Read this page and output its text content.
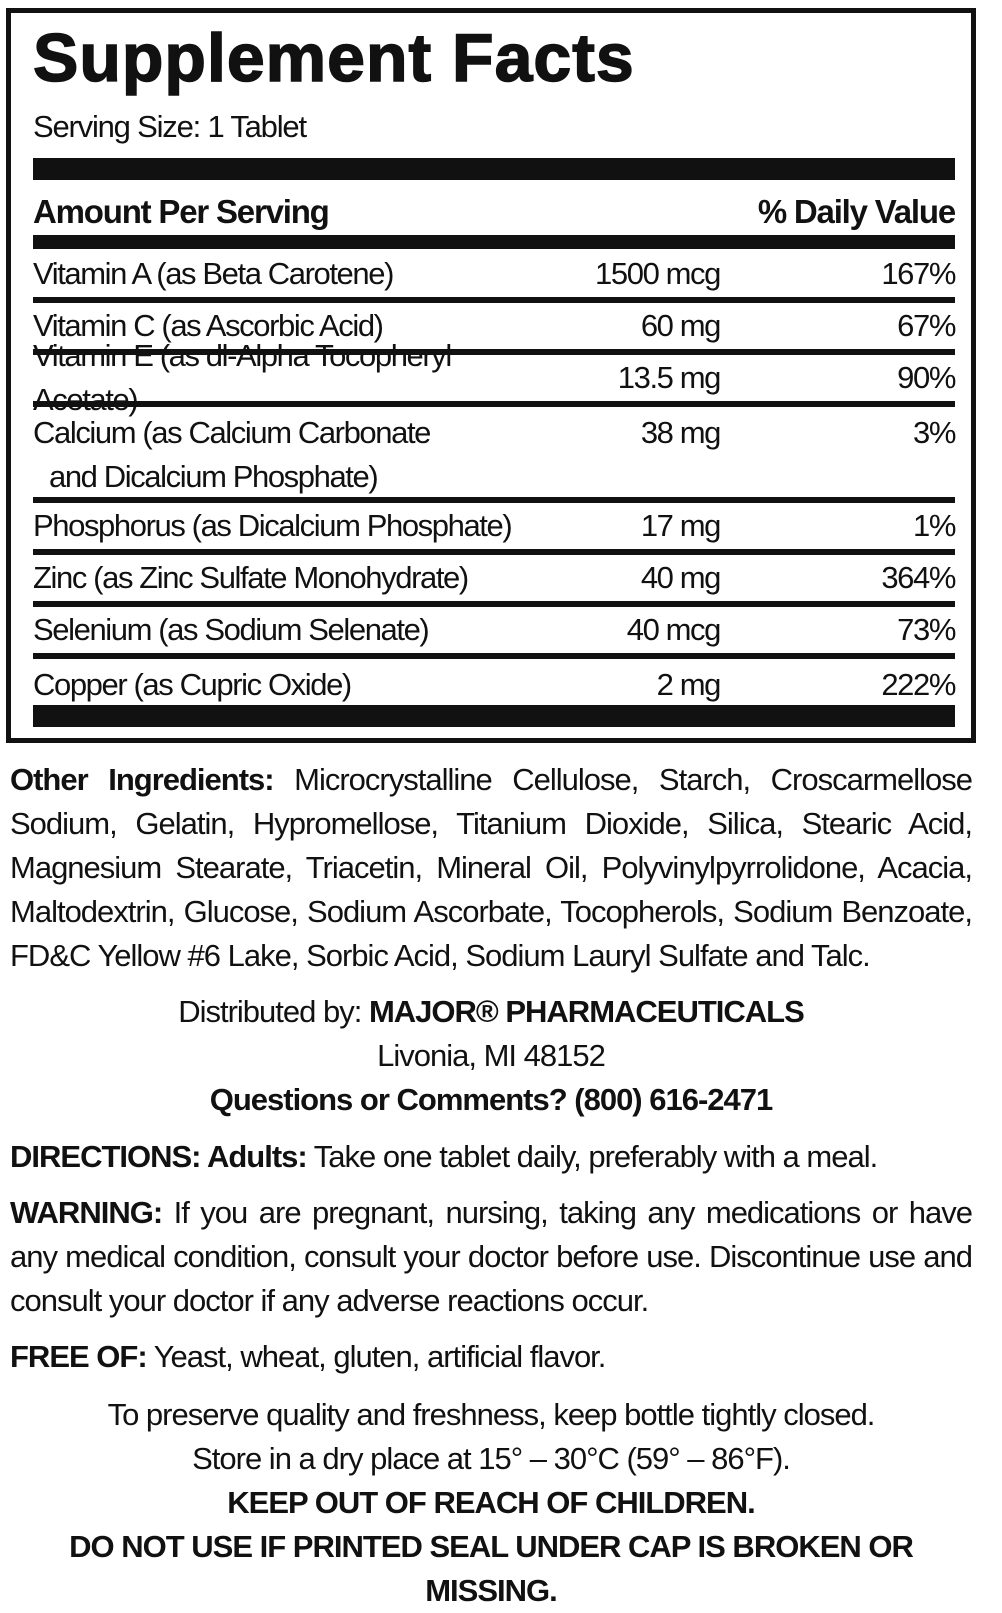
Supplement Facts
Serving Size: 1 Tablet
Amount Per Serving	% Daily Value
Vitamin A (as Beta Carotene)	1500 mcg	167%
Vitamin C (as Ascorbic Acid)	60 mg	67%
Vitamin E (as dl-Alpha Tocopheryl Acetate)
13.5 mg	90%
Calcium (as Calcium Carbonate
and Dicalcium Phosphate)
38 mg	3%
Phosphorus (as Dicalcium Phosphate)	17 mg	1%
Zinc (as Zinc Sulfate Monohydrate)	40 mg	364%
Selenium (as Sodium Selenate)	40 mcg	73%
Copper (as Cupric Oxide)	2 mg	222%
Other Ingredients: Microcrystalline Cellulose, Starch, Croscarmellose Sodium, Gelatin, Hypromellose, Titanium Dioxide, Silica, Stearic Acid, Magnesium Stearate, Triacetin, Mineral Oil, Polyvinylpyrrolidone, Acacia, Maltodextrin, Glucose, Sodium Ascorbate, Tocopherols, Sodium Benzoate, FD&C Yellow #6 Lake, Sorbic Acid, Sodium Lauryl Sulfate and Talc.
Distributed by: MAJOR® PHARMACEUTICALS
Livonia, MI 48152
Questions or Comments? (800) 616-2471
DIRECTIONS: Adults: Take one tablet daily, preferably with a meal.
WARNING: If you are pregnant, nursing, taking any medications or have any medical condition, consult your doctor before use. Discontinue use and consult your doctor if any adverse reactions occur.
FREE OF: Yeast, wheat, gluten, artificial flavor.
To preserve quality and freshness, keep bottle tightly closed.
Store in a dry place at 15° – 30°C (59° – 86°F).
KEEP OUT OF REACH OF CHILDREN.
DO NOT USE IF PRINTED SEAL UNDER CAP IS BROKEN OR MISSING.
